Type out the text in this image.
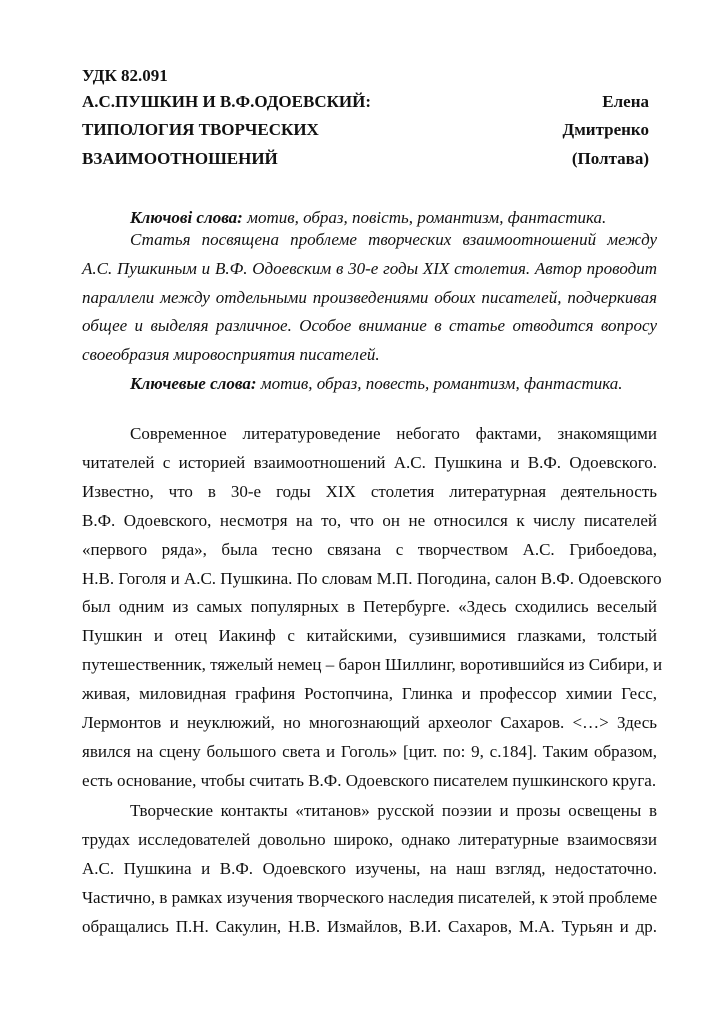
УДК 82.091
А.С.ПУШКИН И В.Ф.ОДОЕВСКИЙ:
ТИПОЛОГИЯ ТВОРЧЕСКИХ
ВЗАИМООТНОШЕНИЙ
Елена
Дмитренко
(Полтава)
Ключові слова: мотив, образ, повість, романтизм, фантастика.
Статья посвящена проблеме творческих взаимоотношений между
А.С. Пушкиным и В.Ф. Одоевским в 30-е годы XIX столетия. Автор проводит
параллели между отдельными произведениями обоих писателей, подчеркивая
общее и выделяя различное. Особое внимание в статье отводится вопросу
своеобразия мировосприятия писателей.
Ключевые слова: мотив, образ, повесть, романтизм, фантастика.
Современное литературоведение небогато фактами, знакомящими
читателей с историей взаимоотношений А.С. Пушкина и В.Ф. Одоевского.
Известно, что в 30-е годы XIX столетия литературная деятельность
В.Ф. Одоевского, несмотря на то, что он не относился к числу писателей
«первого ряда», была тесно связана с творчеством А.С. Грибоедова,
Н.В. Гоголя и А.С. Пушкина. По словам М.П. Погодина, салон В.Ф. Одоевского
был одним из самых популярных в Петербурге. «Здесь сходились веселый
Пушкин и отец Иакинф с китайскими, сузившимися глазками, толстый
путешественник, тяжелый немец – барон Шиллинг, воротившийся из Сибири, и
живая, миловидная графиня Ростопчина, Глинка и профессор химии Гесс,
Лермонтов и неуклюжий, но многознающий археолог Сахаров. <…> Здесь
явился на сцену большого света и Гоголь» [цит. по: 9, с.184]. Таким образом,
есть основание, чтобы считать В.Ф. Одоевского писателем пушкинского круга.
Творческие контакты «титанов» русской поэзии и прозы освещены в
трудах исследователей довольно широко, однако литературные взаимосвязи
А.С. Пушкина и В.Ф. Одоевского изучены, на наш взгляд, недостаточно.
Частично, в рамках изучения творческого наследия писателей, к этой проблеме
обращались П.Н. Сакулин, Н.В. Измайлов, В.И. Сахаров, М.А. Турьян и др.
